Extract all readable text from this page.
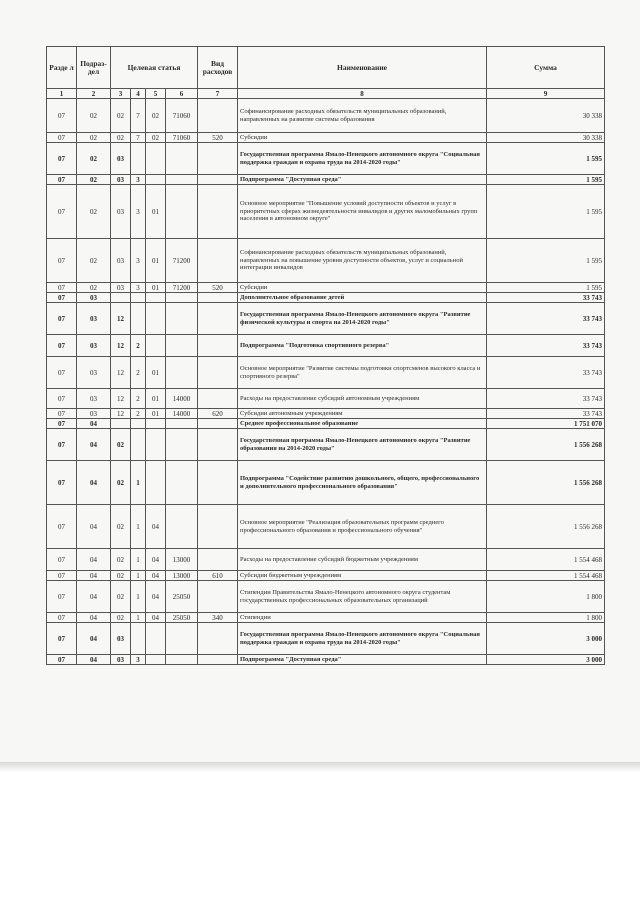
Разде л	Подраз- дел	Целевая статья				Вид расходов	Наименование	Сумма
1	2	3	4	5	6	7	8	9
07	02	02	7	02	71060		Софинансирование расходных обязательств муниципальных образований, направленных на развитие системы образования	30 338
07	02	02	7	02	71060	520	Субсидии	30 338
07	02	03					Государственная программа Ямало-Ненецкого автономного округа "Социальная поддержка граждан и охрана труда на 2014-2020 годы"	1 595
07	02	03	3				Подпрограмма "Доступная среда"	1 595
07	02	03	3	01			Основное мероприятие "Повышение условий доступности объектов и услуг в приоритетных сферах жизнедеятельности инвалидов и других маломобильных групп населения в автономном округе"	1 595
07	02	03	3	01	71200		Софинансирование расходных обязательств муниципальных образований, направленных на повышение уровня доступности объектов, услуг и социальной интеграции инвалидов	1 595
07	02	03	3	01	71200	520	Субсидии	1 595
07	03						Дополнительное образование детей	33 743
07	03	12					Государственная программа Ямало-Ненецкого автономного округа "Развитие физической культуры и спорта на 2014-2020 годы"	33 743
07	03	12	2				Подпрограмма "Подготовка спортивного резерва"	33 743
07	03	12	2	01			Основное мероприятие "Развитие системы подготовки спортсменов высокого класса и спортивного резерва"	33 743
07	03	12	2	01	14000		Расходы на предоставление субсидий автономным учреждениям	33 743
07	03	12	2	01	14000	620	Субсидии автономным учреждениям	33 743
07	04						Среднее профессиональное образование	1 751 070
07	04	02					Государственная программа Ямало-Ненецкого автономного округа "Развитие образования на 2014-2020 годы"	1 556 268
07	04	02	1				Подпрограмма "Содействие развитию дошкольного, общего, профессионального и дополнительного профессионального образования"	1 556 268
07	04	02	1	04			Основное мероприятие "Реализация образовательных программ среднего профессионального образования и профессионального обучения"	1 556 268
07	04	02	1	04	13000		Расходы на предоставление субсидий бюджетным учреждениям	1 554 468
07	04	02	1	04	13000	610	Субсидии бюджетным учреждениям	1 554 468
07	04	02	1	04	25050		Стипендии Правительства Ямало-Ненецкого автономного округа студентам государственных профессиональных образовательных организаций	1 800
07	04	02	1	04	25050	340	Стипендии	1 800
07	04	03					Государственная программа Ямало-Ненецкого автономного округа "Социальная поддержка граждан и охрана труда на 2014-2020 годы"	3 000
07	04	03	3				Подпрограмма "Доступная среда"	3 000
